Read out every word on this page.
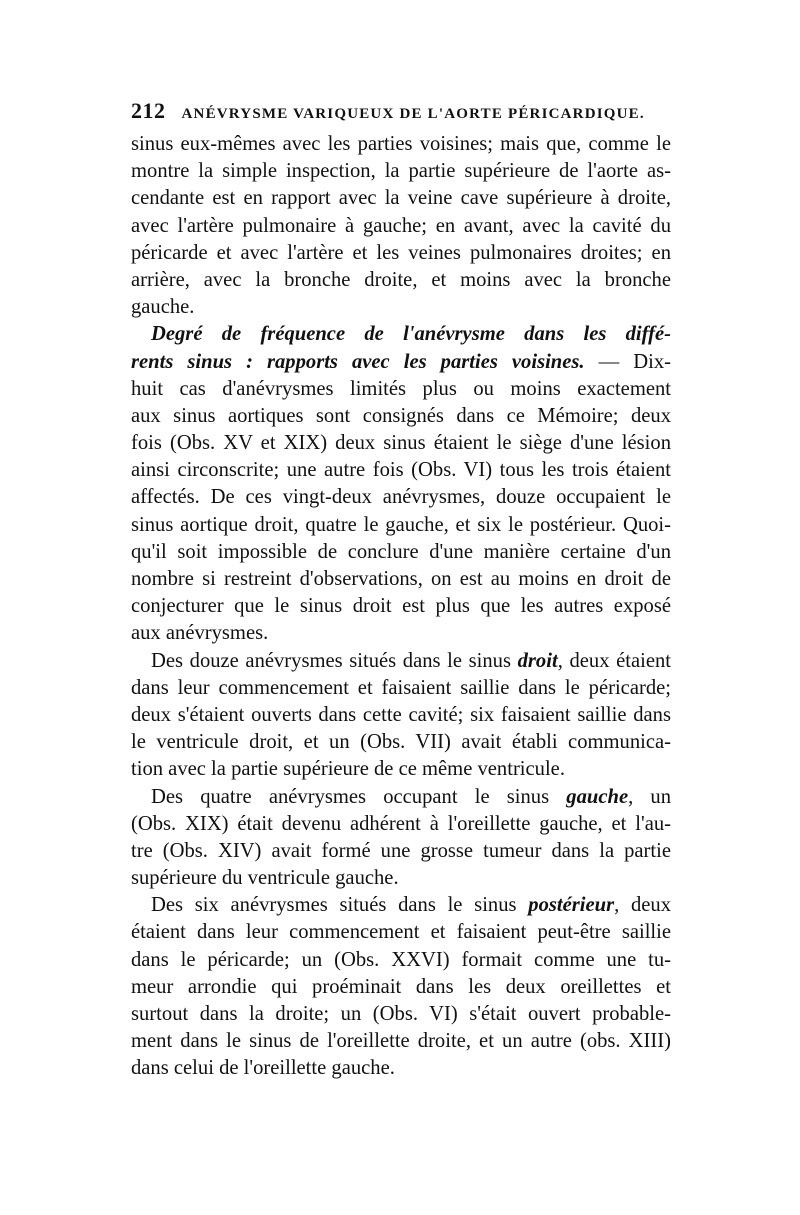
212 ANÉVRYSME VARIQUEUX DE L'AORTE PÉRICARDIQUE.
sinus eux-mêmes avec les parties voisines; mais que, comme le
montre la simple inspection, la partie supérieure de l'aorte as-
cendante est en rapport avec la veine cave supérieure à droite,
avec l'artère pulmonaire à gauche; en avant, avec la cavité du
péricarde et avec l'artère et les veines pulmonaires droites; en
arrière, avec la bronche droite, et moins avec la bronche
gauche.
Degré de fréquence de l'anévrysme dans les diffé-
rents sinus : rapports avec les parties voisines. — Dix-
huit cas d'anévrysmes limités plus ou moins exactement
aux sinus aortiques sont consignés dans ce Mémoire; deux
fois (Obs. XV et XIX) deux sinus étaient le siège d'une lésion
ainsi circonscrite; une autre fois (Obs. VI) tous les trois étaient
affectés. De ces vingt-deux anévrysmes, douze occupaient le
sinus aortique droit, quatre le gauche, et six le postérieur. Quoi-
qu'il soit impossible de conclure d'une manière certaine d'un
nombre si restreint d'observations, on est au moins en droit de
conjecturer que le sinus droit est plus que les autres exposé
aux anévrysmes.
Des douze anévrysmes situés dans le sinus droit, deux étaient
dans leur commencement et faisaient saillie dans le péricarde;
deux s'étaient ouverts dans cette cavité; six faisaient saillie dans
le ventricule droit, et un (Obs. VII) avait établi communica-
tion avec la partie supérieure de ce même ventricule.
Des quatre anévrysmes occupant le sinus gauche, un
(Obs. XIX) était devenu adhérent à l'oreillette gauche, et l'au-
tre (Obs. XIV) avait formé une grosse tumeur dans la partie
supérieure du ventricule gauche.
Des six anévrysmes situés dans le sinus postérieur, deux
étaient dans leur commencement et faisaient peut-être saillie
dans le péricarde; un (Obs. XXVI) formait comme une tu-
meur arrondie qui proéminait dans les deux oreillettes et
surtout dans la droite; un (Obs. VI) s'était ouvert probable-
ment dans le sinus de l'oreillette droite, et un autre (obs. XIII)
dans celui de l'oreillette gauche.
